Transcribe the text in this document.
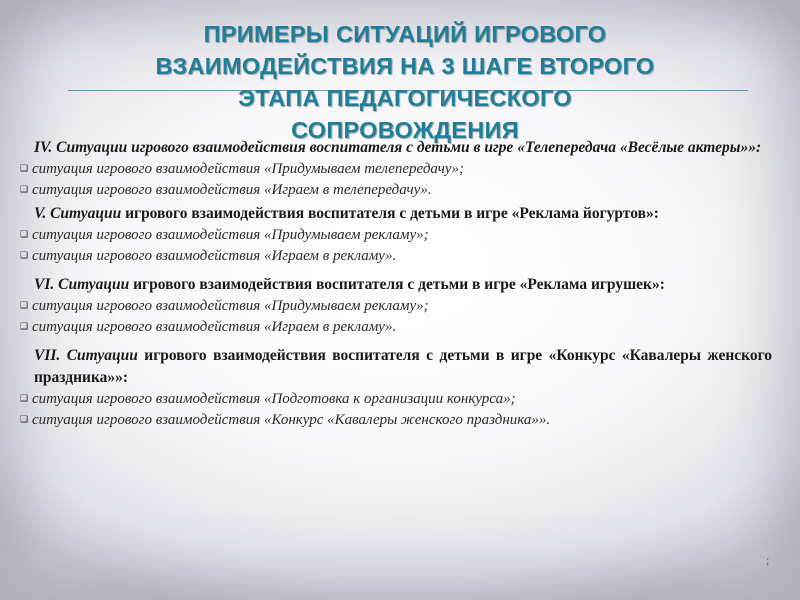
ПРИМЕРЫ СИТУАЦИЙ ИГРОВОГО
ВЗАИМОДЕЙСТВИЯ НА 3 ШАГЕ ВТОРОГО
ЭТАПА ПЕДАГОГИЧЕСКОГО
СОПРОВОЖДЕНИЯ
IV. Ситуации игрового взаимодействия воспитателя с детьми в игре «Телепередача «Весёлые актеры»»:
❑ ситуация игрового взаимодействия «Придумываем телепередачу»;
❑ ситуация игрового взаимодействия «Играем в телепередачу».
V. Ситуации игрового взаимодействия воспитателя с детьми в игре «Реклама йогуртов»:
❑ ситуация игрового взаимодействия «Придумываем рекламу»;
❑ ситуация игрового взаимодействия «Играем в рекламу».
VI. Ситуации игрового взаимодействия воспитателя с детьми в игре «Реклама игрушек»:
❑ ситуация игрового взаимодействия «Придумываем рекламу»;
❑ ситуация игрового взаимодействия «Играем в рекламу».
VII. Ситуации игрового взаимодействия воспитателя с детьми в игре «Конкурс «Кавалеры женского праздника»»:
❑ ситуация игрового взаимодействия «Подготовка к организации конкурса»;
❑ ситуация игрового взаимодействия «Конкурс «Кавалеры женского праздника»».
;
